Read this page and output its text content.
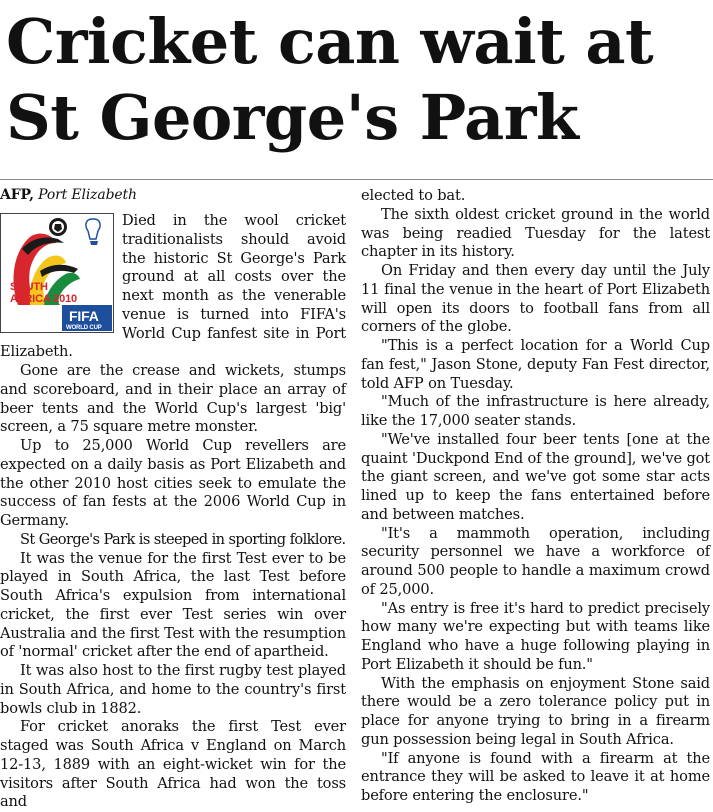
Cricket can wait at St George's Park
AFP, Port Elizabeth
SOUTH
AFRICA 2010
FIFA
WORLD CUP

Died in the wool cricket traditionalists should avoid the historic St George's Park ground at all costs over the next month as the venerable venue is turned into FIFA's World Cup fanfest site in Port Elizabeth.

Gone are the crease and wickets, stumps and scoreboard, and in their place an array of beer tents and the World Cup's largest 'big' screen, a 75 square metre monster.

Up to 25,000 World Cup revellers are expected on a daily basis as Port Elizabeth and the other 2010 host cities seek to emulate the success of fan fests at the 2006 World Cup in Germany.

St George's Park is steeped in sporting folklore.

It was the venue for the first Test ever to be played in South Africa, the last Test before South Africa's expulsion from international cricket, the first ever Test series win over Australia and the first Test with the resumption of 'normal' cricket after the end of apartheid.

It was also host to the first rugby test played in South Africa, and home to the country's first bowls club in 1882.

For cricket anoraks the first Test ever staged was South Africa v England on March 12-13, 1889 with an eight-wicket win for the visitors after South Africa had won the toss and

elected to bat.

The sixth oldest cricket ground in the world was being readied Tuesday for the latest chapter in its history.

On Friday and then every day until the July 11 final the venue in the heart of Port Elizabeth will open its doors to football fans from all corners of the globe.

"This is a perfect location for a World Cup fan fest," Jason Stone, deputy Fan Fest director, told AFP on Tuesday.

"Much of the infrastructure is here already, like the 17,000 seater stands.

"We've installed four beer tents [one at the quaint 'Duckpond End of the ground], we've got the giant screen, and we've got some star acts lined up to keep the fans entertained before and between matches.

"It's a mammoth operation, including security personnel we have a workforce of around 500 people to handle a maximum crowd of 25,000.

"As entry is free it's hard to predict precisely how many we're expecting but with teams like England who have a huge following playing in Port Elizabeth it should be fun."

With the emphasis on enjoyment Stone said there would be a zero tolerance policy put in place for anyone trying to bring in a firearm gun possession being legal in South Africa.

"If anyone is found with a firearm at the entrance they will be asked to leave it at home before entering the enclosure."
